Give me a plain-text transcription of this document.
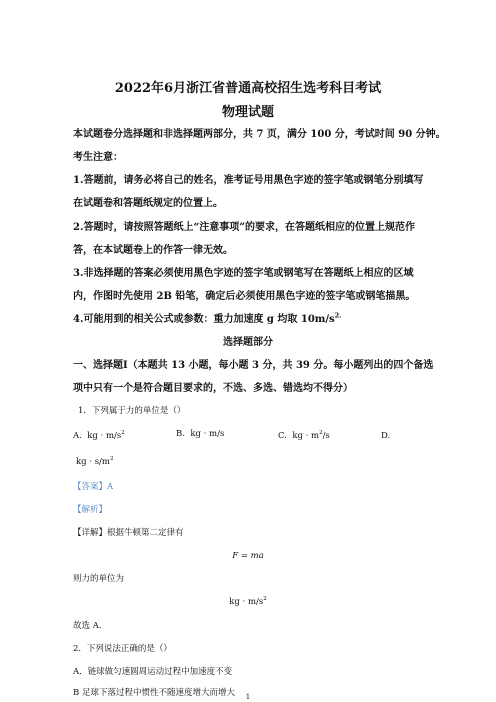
2022年6月浙江省普通高校招生选考科目考试
物理试题
本试题卷分选择题和非选择题两部分，共 7 页，满分 100 分，考试时间 90 分钟。
考生注意：
1.答题前，请务必将自己的姓名，准考证号用黑色字迹的签字笔或钢笔分别填写
在试题卷和答题纸规定的位置上。
2.答题时，请按照答题纸上“注意事项”的要求，在答题纸相应的位置上规范作
答，在本试题卷上的作答一律无效。
3.非选择题的答案必须使用黑色字迹的签字笔或钢笔写在答题纸上相应的区域
内，作图时先使用 2B 铅笔，确定后必须使用黑色字迹的签字笔或钢笔描黑。
4.可能用到的相关公式或参数：重力加速度 g 均取 $10m/s^{2.}$
选择题部分
一、选择题Ⅰ（本题共 13 小题，每小题 3 分，共 39 分。每小题列出的四个备选
项中只有一个是符合题目要求的，不选、多选、错选均不得分）
1．下列属于力的单位是（）
A. kg · $m/s^2$	B. kg · m/s	C. kg · $m^2/s$	D.
kg · $s/m^2$
【答案】A
【解析】
【详解】根据牛顿第二定律有
F = ma
则力的单位为
kg · $m/s^2$
故选 A．
2．下列说法正确的是（）
A．链球做匀速圆周运动过程中加速度不变
B 足球下落过程中惯性不随速度增大而增大	1
